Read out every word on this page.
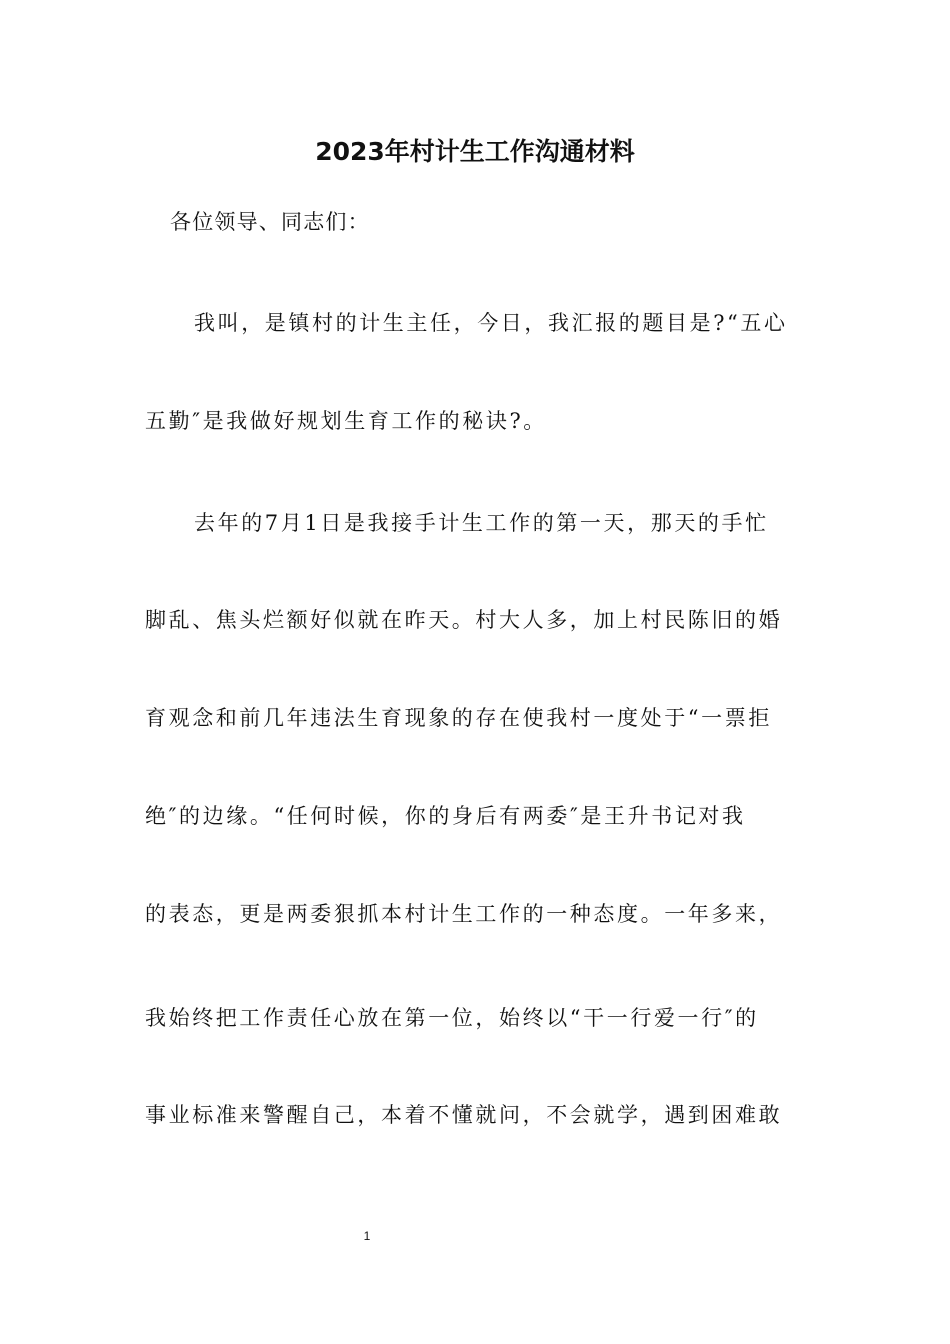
2023年村计生工作沟通材料
各位领导、同志们：
我叫，是镇村的计生主任，今日，我汇报的题目是?“五心
五勤″是我做好规划生育工作的秘诀?。
去年的7月1日是我接手计生工作的第一天，那天的手忙
脚乱、焦头烂额好似就在昨天。村大人多，加上村民陈旧的婚
育观念和前几年违法生育现象的存在使我村一度处于“一票拒
绝″的边缘。“任何时候，你的身后有两委″是王升书记对我
的表态，更是两委狠抓本村计生工作的一种态度。一年多来，
我始终把工作责任心放在第一位，始终以“干一行爱一行″的
事业标准来警醒自己，本着不懂就问，不会就学，遇到困难敢
1
